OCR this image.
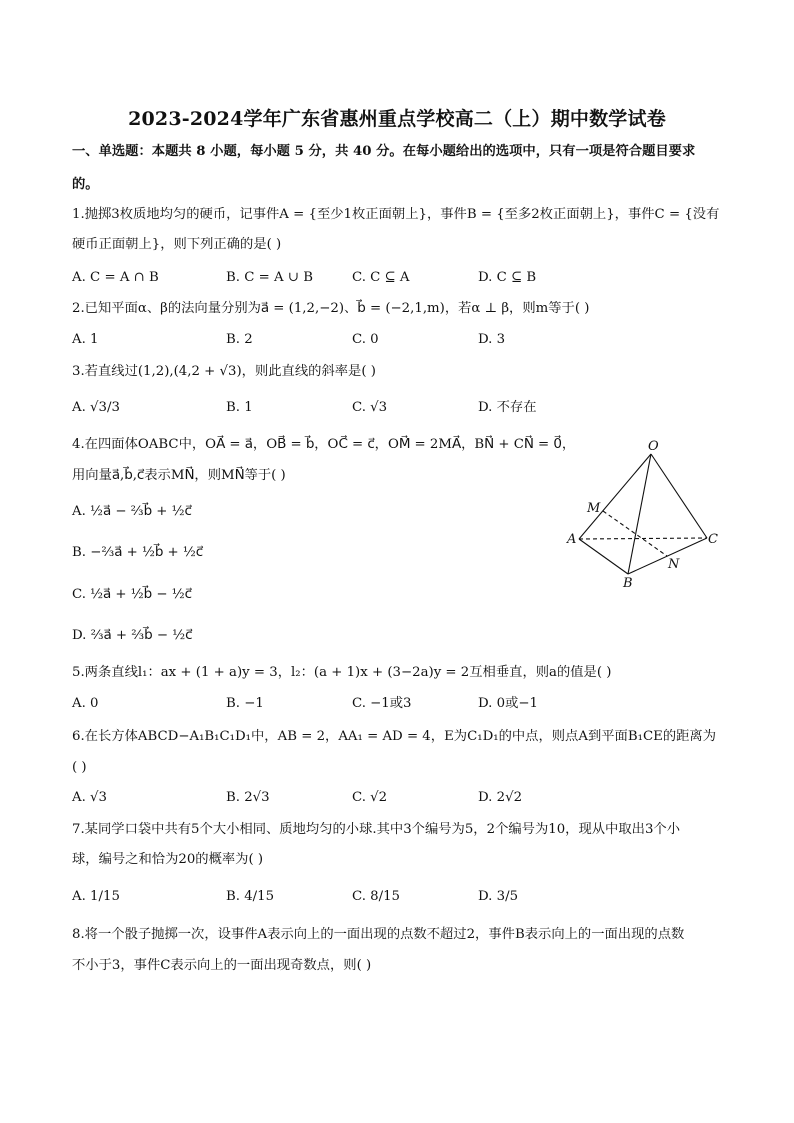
2023-2024学年广东省惠州重点学校高二（上）期中数学试卷
一、单选题：本题共 8 小题，每小题 5 分，共 40 分。在每小题给出的选项中，只有一项是符合题目要求
的。
1.抛掷3枚质地均匀的硬币，记事件A = {至少1枚正面朝上}，事件B = {至多2枚正面朝上}，事件C = {没有
硬币正面朝上}，则下列正确的是( )
A. C = A ∩ B	B. C = A ∪ B	C. C ⊆ A	D. C ⊆ B
2.已知平面α、β的法向量分别为a⃗ = (1,2,−2)、b⃗ = (−2,1,m)，若α ⊥ β，则m等于( )
A. 1	B. 2	C. 0	D. 3
3.若直线过(1,2),(4,2 + √3)，则此直线的斜率是( )
A. √3/3	B. 1	C. √3	D. 不存在
4.在四面体OABC中，OA⃗ = a⃗，OB⃗ = b⃗，OC⃗ = c⃗，OM⃗ = 2MA⃗，BN⃗ + CN⃗ = 0⃗，
用向量a⃗,b⃗,c⃗表示MN⃗，则MN⃗等于( )
A. ½a⃗ − ⅔b⃗ + ½c⃗
B. −⅔a⃗ + ½b⃗ + ½c⃗
C. ½a⃗ + ½b⃗ − ½c⃗
D. ⅔a⃗ + ⅔b⃗ − ½c⃗
O
M
A	C
N
B
5.两条直线l₁：ax + (1 + a)y = 3，l₂：(a + 1)x + (3−2a)y = 2互相垂直，则a的值是( )
A. 0	B. −1	C. −1或3	D. 0或−1
6.在长方体ABCD−A₁B₁C₁D₁中，AB = 2，AA₁ = AD = 4，E为C₁D₁的中点，则点A到平面B₁CE的距离为
( )
A. √3	B. 2√3	C. √2	D. 2√2
7.某同学口袋中共有5个大小相同、质地均匀的小球.其中3个编号为5，2个编号为10，现从中取出3个小
球，编号之和恰为20的概率为( )
A. 1/15	B. 4/15	C. 8/15	D. 3/5
8.将一个骰子抛掷一次，设事件A表示向上的一面出现的点数不超过2，事件B表示向上的一面出现的点数
不小于3，事件C表示向上的一面出现奇数点，则( )
